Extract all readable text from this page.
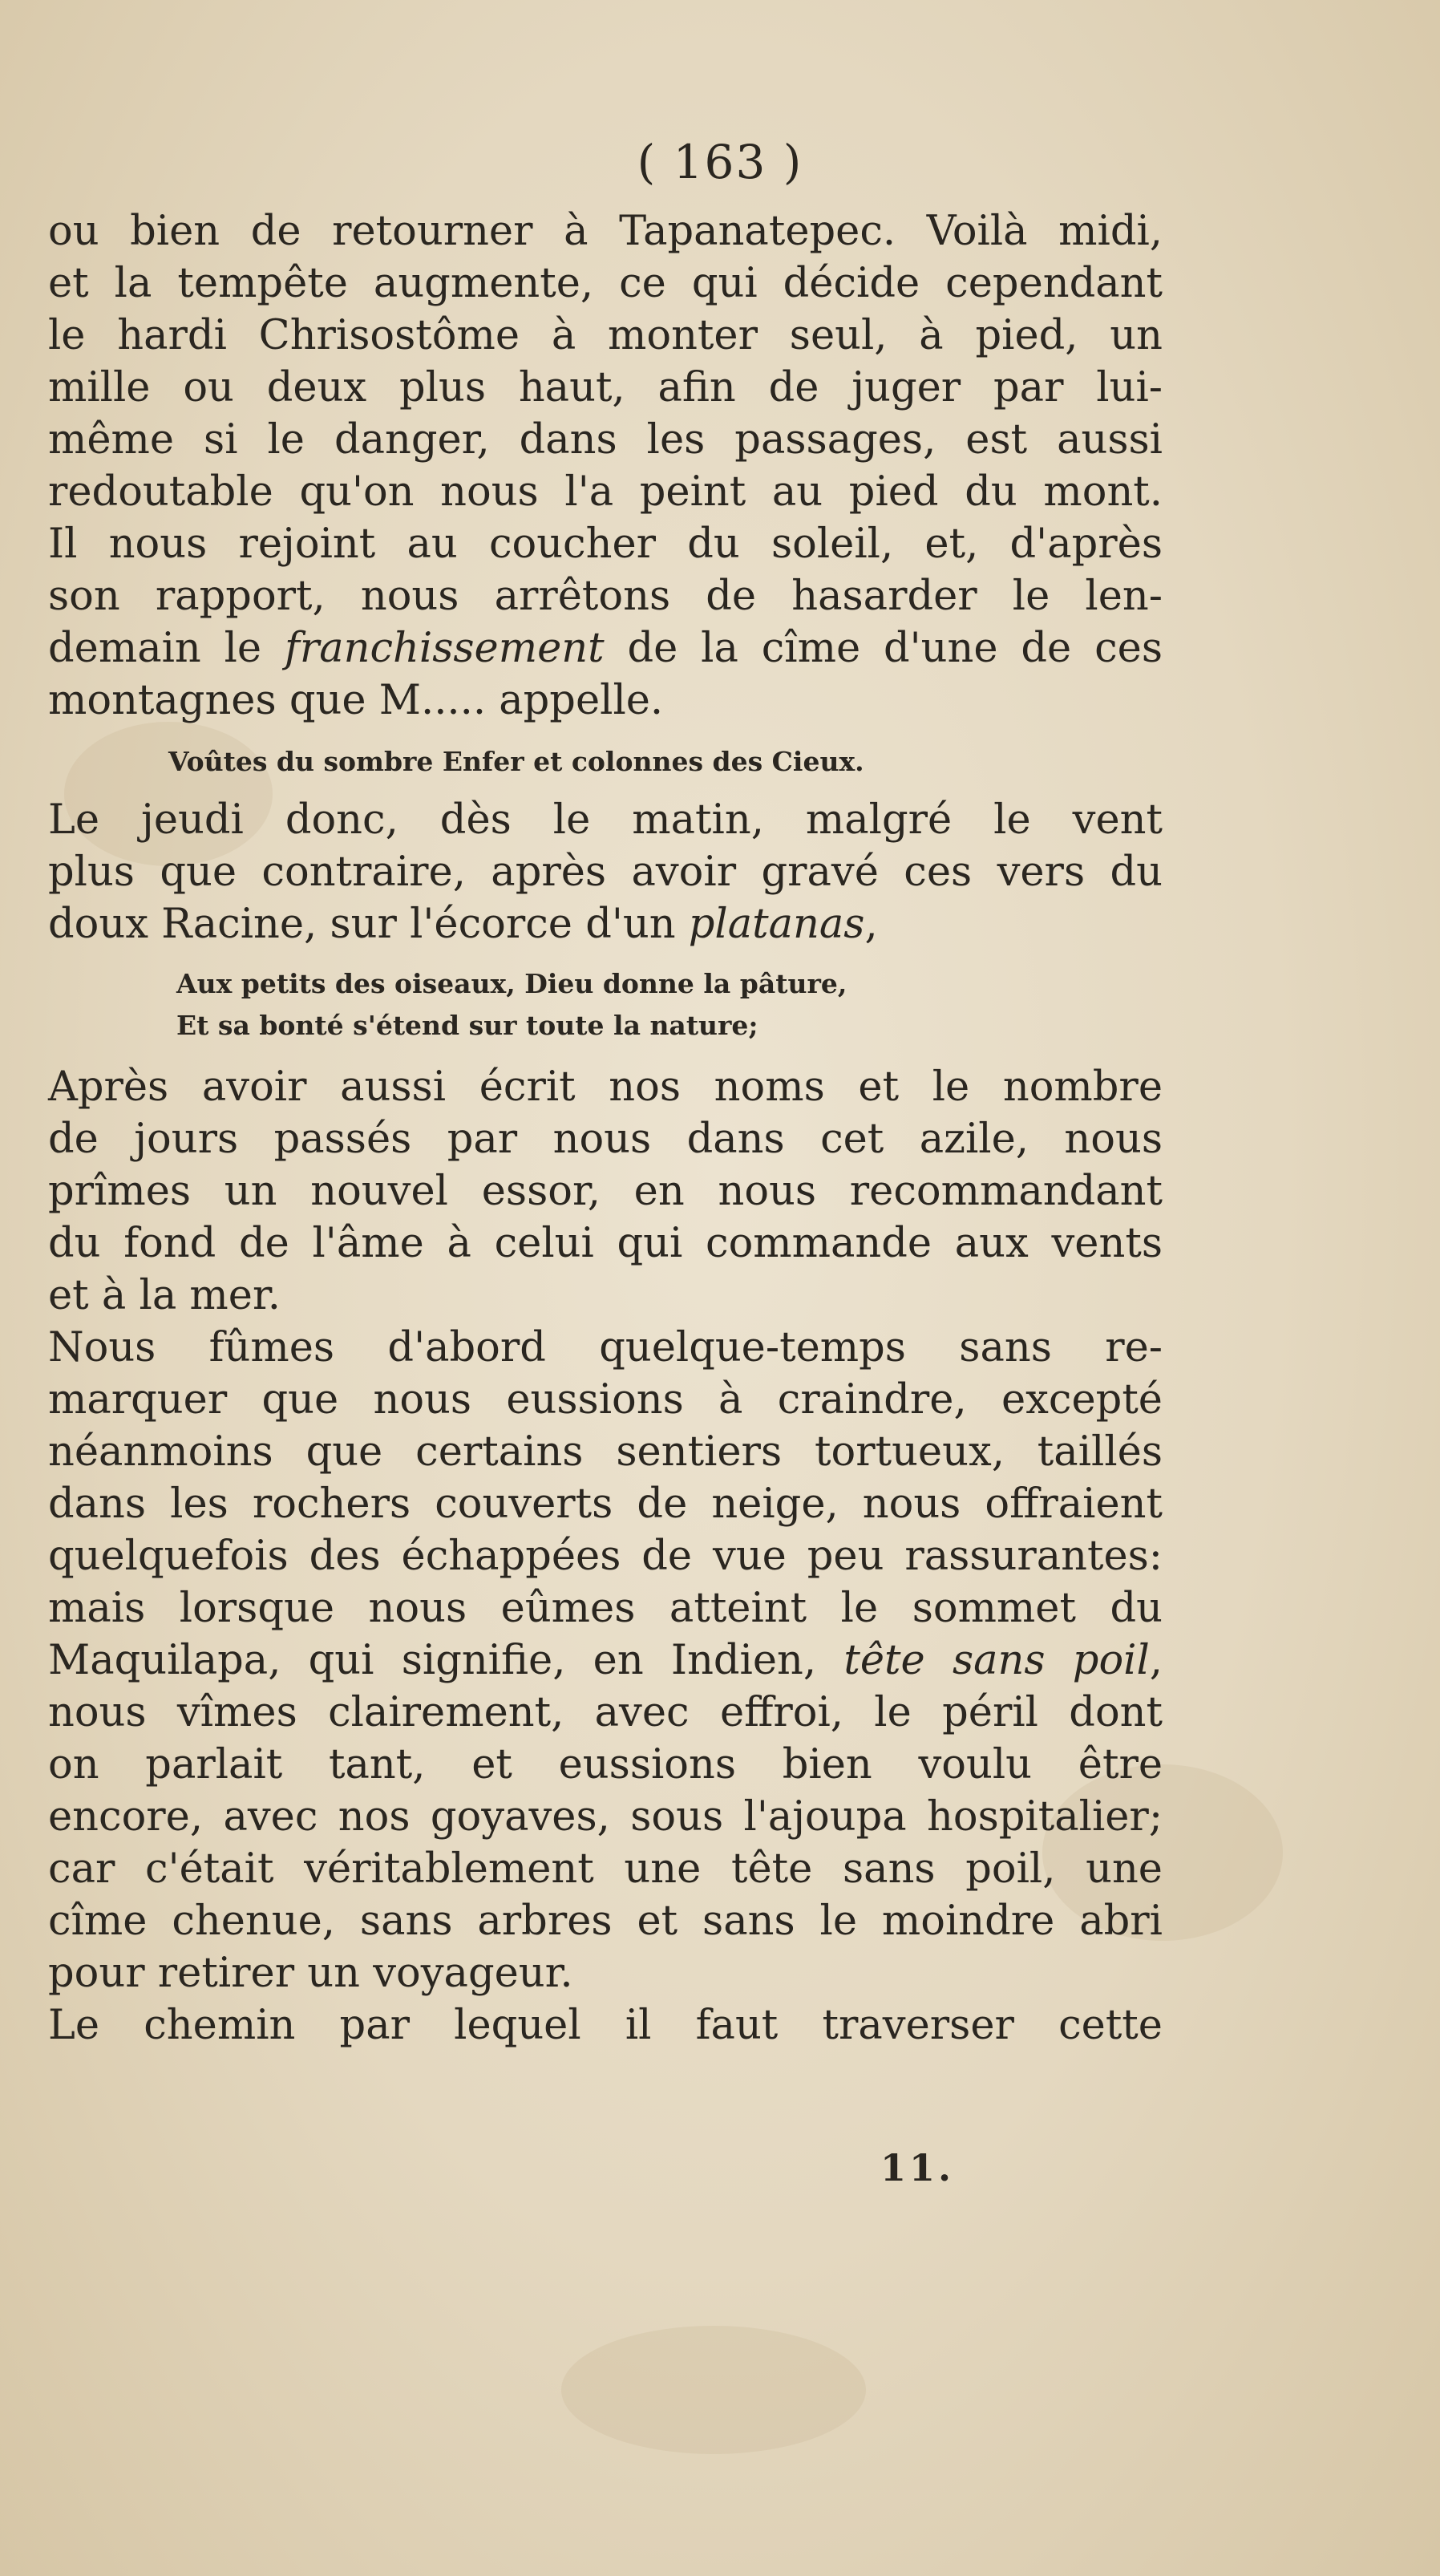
( 163 )
ou bien de retourner à Tapanatepec. Voilà midi,
et la tempête augmente, ce qui décide cependant
le hardi Chrisostôme à monter seul, à pied, un
mille ou deux plus haut, afin de juger par lui-
même si le danger, dans les passages, est aussi
redoutable qu'on nous l'a peint au pied du mont.
Il nous rejoint au coucher du soleil, et, d'après
son rapport, nous arrêtons de hasarder le len-
demain le franchissement de la cîme d'une de ces
montagnes que M..... appelle.
Voûtes du sombre Enfer et colonnes des Cieux.
Le jeudi donc, dès le matin, malgré le vent
plus que contraire, après avoir gravé ces vers du
doux Racine, sur l'écorce d'un platanas,
Aux petits des oiseaux, Dieu donne la pâture,
Et sa bonté s'étend sur toute la nature;
Après avoir aussi écrit nos noms et le nombre
de jours passés par nous dans cet azile, nous
prîmes un nouvel essor, en nous recommandant
du fond de l'âme à celui qui commande aux vents
et à la mer.
Nous fûmes d'abord quelque-temps sans re-
marquer que nous eussions à craindre, excepté
néanmoins que certains sentiers tortueux, taillés
dans les rochers couverts de neige, nous offraient
quelquefois des échappées de vue peu rassurantes:
mais lorsque nous eûmes atteint le sommet du
Maquilapa, qui signifie, en Indien, tête sans poil,
nous vîmes clairement, avec effroi, le péril dont
on parlait tant, et eussions bien voulu être
encore, avec nos goyaves, sous l'ajoupa hospitalier;
car c'était véritablement une tête sans poil, une
cîme chenue, sans arbres et sans le moindre abri
pour retirer un voyageur.
Le chemin par lequel il faut traverser cette
11.
